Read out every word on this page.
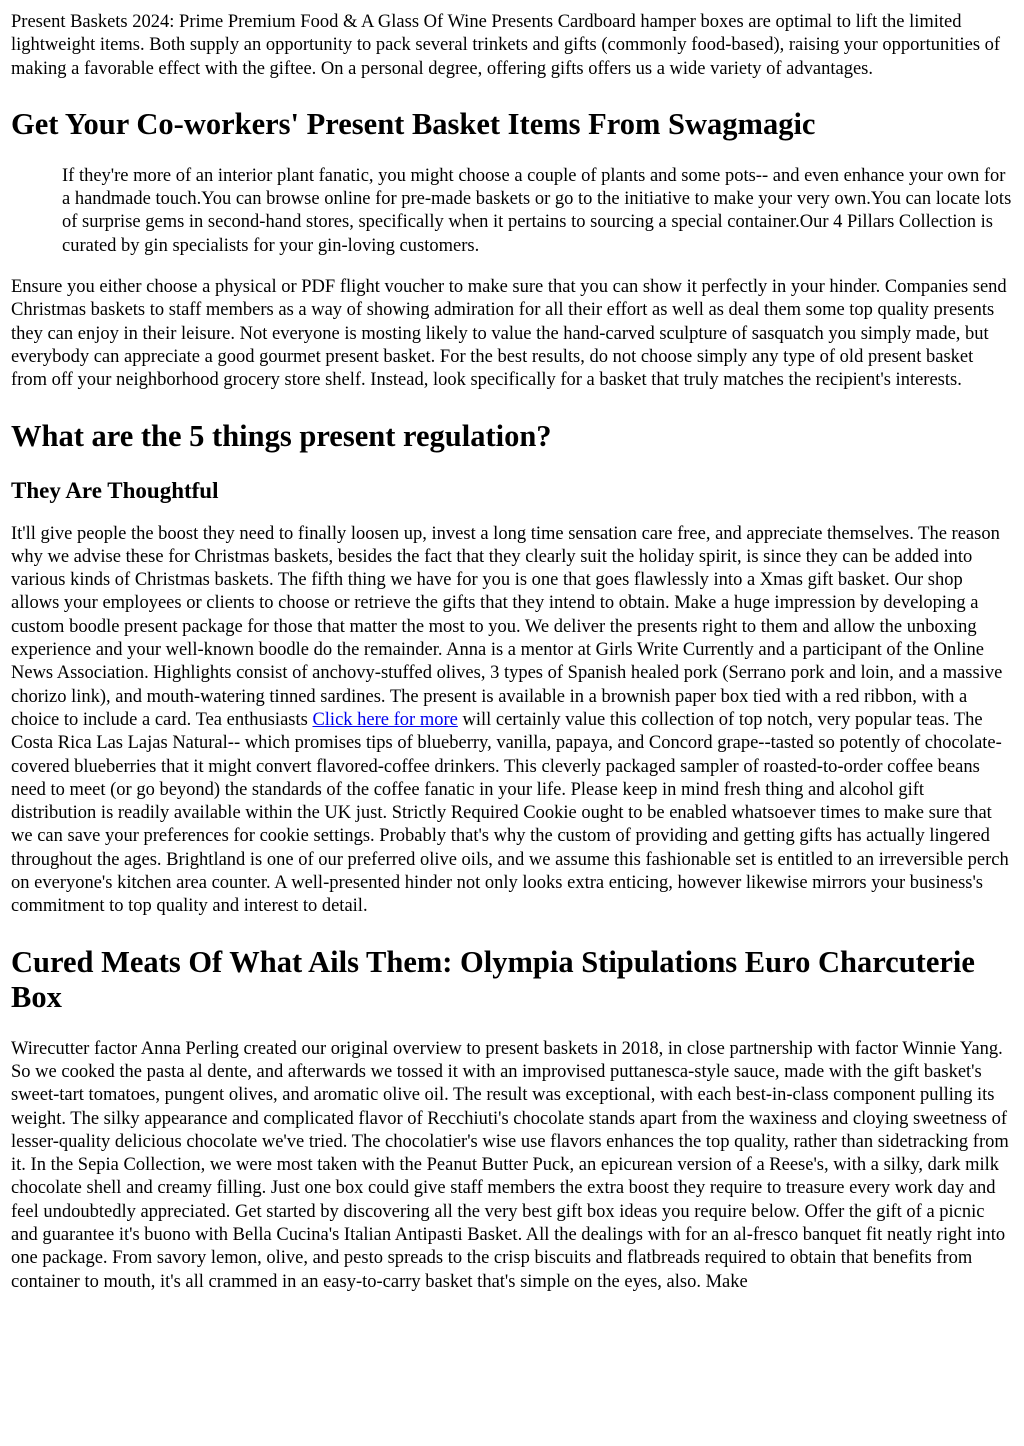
Present Baskets 2024: Prime Premium Food & A Glass Of Wine Presents Cardboard hamper boxes are optimal to lift the limited lightweight items. Both supply an opportunity to pack several trinkets and gifts (commonly food-based), raising your opportunities of making a favorable effect with the giftee. On a personal degree, offering gifts offers us a wide variety of advantages.

Get Your Co-workers' Present Basket Items From Swagmagic

If they're more of an interior plant fanatic, you might choose a couple of plants and some pots-- and even enhance your own for a handmade touch.You can browse online for pre-made baskets or go to the initiative to make your very own.You can locate lots of surprise gems in second-hand stores, specifically when it pertains to sourcing a special container.Our 4 Pillars Collection is curated by gin specialists for your gin-loving customers.

Ensure you either choose a physical or PDF flight voucher to make sure that you can show it perfectly in your hinder. Companies send Christmas baskets to staff members as a way of showing admiration for all their effort as well as deal them some top quality presents they can enjoy in their leisure. Not everyone is mosting likely to value the hand-carved sculpture of sasquatch you simply made, but everybody can appreciate a good gourmet present basket. For the best results, do not choose simply any type of old present basket from off your neighborhood grocery store shelf. Instead, look specifically for a basket that truly matches the recipient's interests.

What are the 5 things present regulation?
They Are Thoughtful

It'll give people the boost they need to finally loosen up, invest a long time sensation care free, and appreciate themselves. The reason why we advise these for Christmas baskets, besides the fact that they clearly suit the holiday spirit, is since they can be added into various kinds of Christmas baskets. The fifth thing we have for you is one that goes flawlessly into a Xmas gift basket. Our shop allows your employees or clients to choose or retrieve the gifts that they intend to obtain. Make a huge impression by developing a custom boodle present package for those that matter the most to you. We deliver the presents right to them and allow the unboxing experience and your well-known boodle do the remainder. Anna is a mentor at Girls Write Currently and a participant of the Online News Association. Highlights consist of anchovy-stuffed olives, 3 types of Spanish healed pork (Serrano pork and loin, and a massive chorizo link), and mouth-watering tinned sardines. The present is available in a brownish paper box tied with a red ribbon, with a choice to include a card. Tea enthusiasts Click here for more will certainly value this collection of top notch, very popular teas. The Costa Rica Las Lajas Natural-- which promises tips of blueberry, vanilla, papaya, and Concord grape--tasted so potently of chocolate-covered blueberries that it might convert flavored-coffee drinkers. This cleverly packaged sampler of roasted-to-order coffee beans need to meet (or go beyond) the standards of the coffee fanatic in your life. Please keep in mind fresh thing and alcohol gift distribution is readily available within the UK just. Strictly Required Cookie ought to be enabled whatsoever times to make sure that we can save your preferences for cookie settings. Probably that's why the custom of providing and getting gifts has actually lingered throughout the ages. Brightland is one of our preferred olive oils, and we assume this fashionable set is entitled to an irreversible perch on everyone's kitchen area counter. A well-presented hinder not only looks extra enticing, however likewise mirrors your business's commitment to top quality and interest to detail.

Cured Meats Of What Ails Them: Olympia Stipulations Euro Charcuterie Box

Wirecutter factor Anna Perling created our original overview to present baskets in 2018, in close partnership with factor Winnie Yang. So we cooked the pasta al dente, and afterwards we tossed it with an improvised puttanesca-style sauce, made with the gift basket's sweet-tart tomatoes, pungent olives, and aromatic olive oil. The result was exceptional, with each best-in-class component pulling its weight. The silky appearance and complicated flavor of Recchiuti's chocolate stands apart from the waxiness and cloying sweetness of lesser-quality delicious chocolate we've tried. The chocolatier's wise use flavors enhances the top quality, rather than sidetracking from it. In the Sepia Collection, we were most taken with the Peanut Butter Puck, an epicurean version of a Reese's, with a silky, dark milk chocolate shell and creamy filling. Just one box could give staff members the extra boost they require to treasure every work day and feel undoubtedly appreciated. Get started by discovering all the very best gift box ideas you require below. Offer the gift of a picnic and guarantee it's buono with Bella Cucina's Italian Antipasti Basket. All the dealings with for an al-fresco banquet fit neatly right into one package. From savory lemon, olive, and pesto spreads to the crisp biscuits and flatbreads required to obtain that benefits from container to mouth, it's all crammed in an easy-to-carry basket that's simple on the eyes, also. Make
